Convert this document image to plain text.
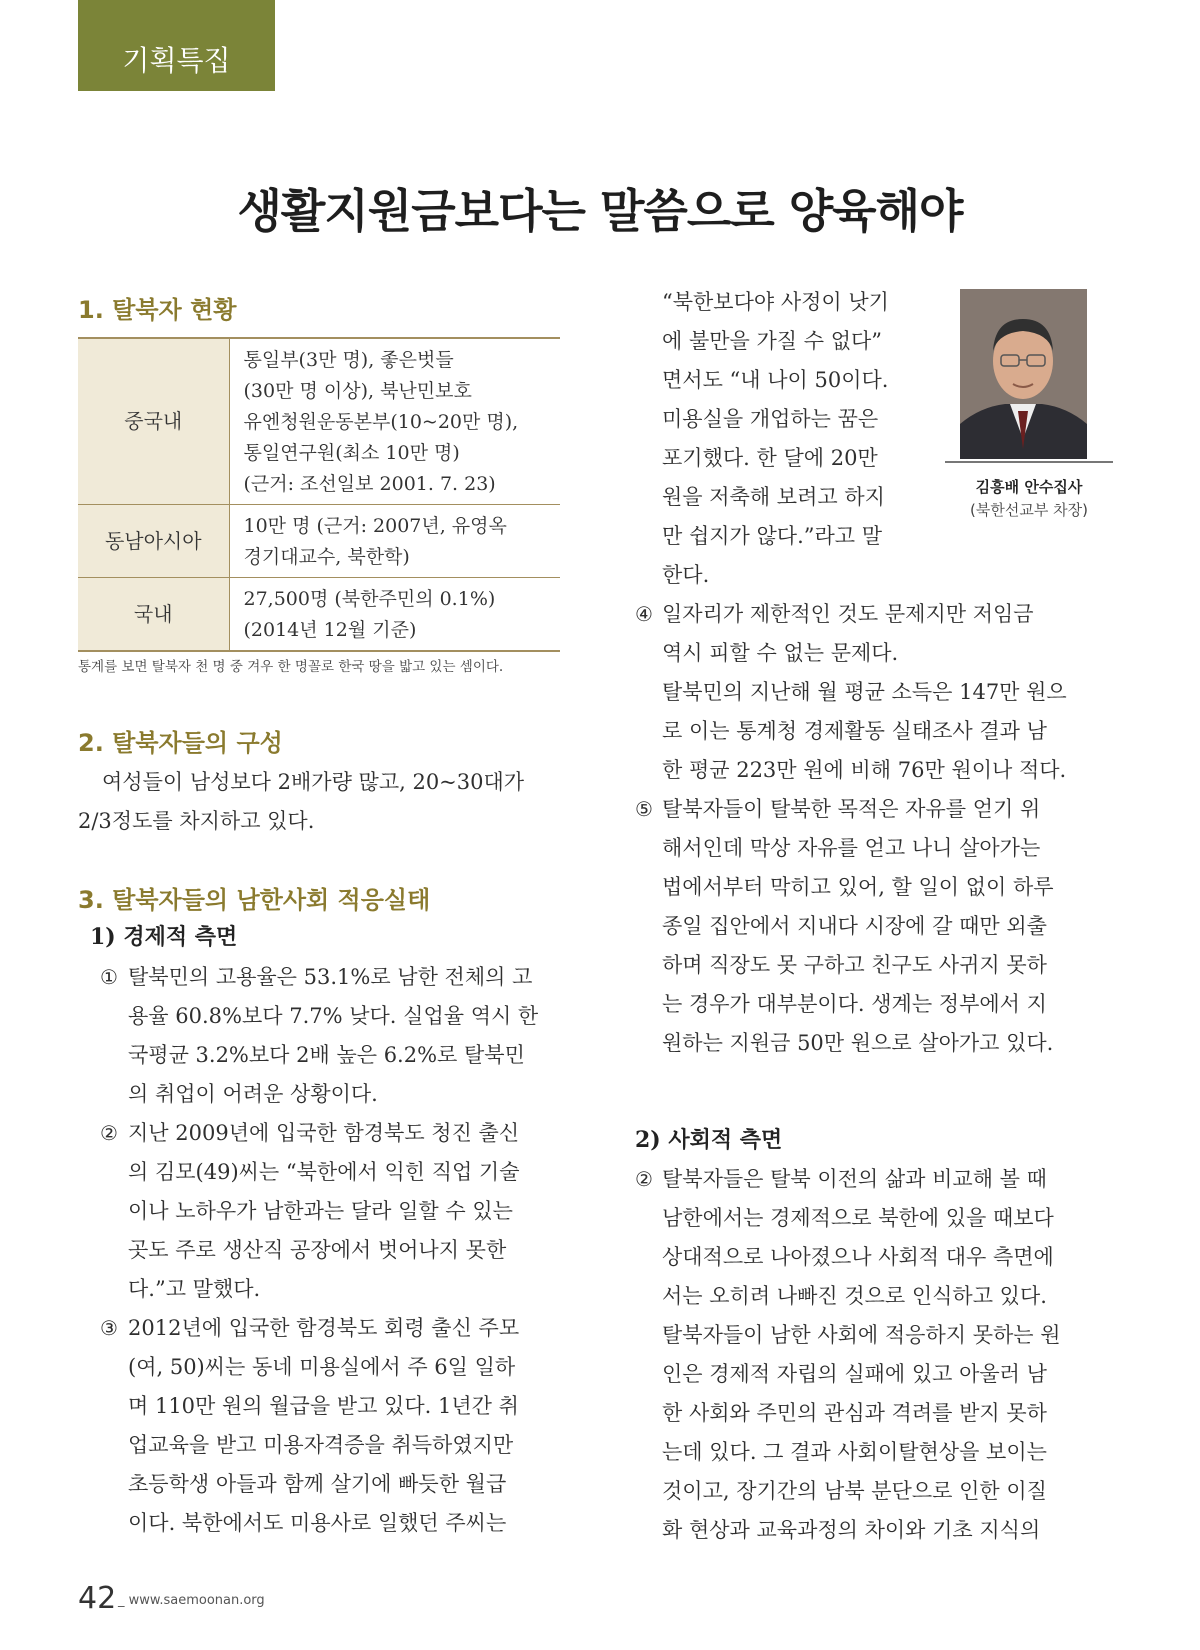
기획특집
생활지원금보다는 말씀으로 양육해야
1. 탈북자 현황
중국내	통일부(3만 명), 좋은벗들
(30만 명 이상), 북난민보호
유엔청원운동본부(10~20만 명),
통일연구원(최소 10만 명)
(근거: 조선일보 2001. 7. 23)

동남아시아	10만 명 (근거: 2007년, 유영옥
경기대교수, 북한학)

국내	27,500명 (북한주민의 0.1%)
(2014년 12월 기준)

통계를 보면 탈북자 천 명 중 겨우 한 명꼴로 한국 땅을 밟고 있는 셈이다.

2. 탈북자들의 구성
여성들이 남성보다 2배가량 많고, 20~30대가
2/3정도를 차지하고 있다.
3. 탈북자들의 남한사회 적응실태
1) 경제적 측면
① 탈북민의 고용율은 53.1%로 남한 전체의 고
용율 60.8%보다 7.7% 낮다. 실업율 역시 한
국평균 3.2%보다 2배 높은 6.2%로 탈북민
의 취업이 어려운 상황이다.
② 지난 2009년에 입국한 함경북도 청진 출신
의 김모(49)씨는 “북한에서 익힌 직업 기술
이나 노하우가 남한과는 달라 일할 수 있는
곳도 주로 생산직 공장에서 벗어나지 못한
다.”고 말했다.
③ 2012년에 입국한 함경북도 회령 출신 주모
(여, 50)씨는 동네 미용실에서 주 6일 일하
며 110만 원의 월급을 받고 있다. 1년간 취
업교육을 받고 미용자격증을 취득하였지만
초등학생 아들과 함께 살기에 빠듯한 월급
이다. 북한에서도 미용사로 일했던 주씨는
“북한보다야 사정이 낫기
에 불만을 가질 수 없다”
면서도 “내 나이 50이다.
미용실을 개업하는 꿈은
포기했다. 한 달에 20만
원을 저축해 보려고 하지
만 쉽지가 않다.”라고 말
한다.
김흥배 안수집사
(북한선교부 차장)
④ 일자리가 제한적인 것도 문제지만 저임금
역시 피할 수 없는 문제다.
탈북민의 지난해 월 평균 소득은 147만 원으
로 이는 통계청 경제활동 실태조사 결과 남
한 평균 223만 원에 비해 76만 원이나 적다.
⑤ 탈북자들이 탈북한 목적은 자유를 얻기 위
해서인데 막상 자유를 얻고 나니 살아가는
법에서부터 막히고 있어, 할 일이 없이 하루
종일 집안에서 지내다 시장에 갈 때만 외출
하며 직장도 못 구하고 친구도 사귀지 못하
는 경우가 대부분이다. 생계는 정부에서 지
원하는 지원금 50만 원으로 살아가고 있다.
2) 사회적 측면
② 탈북자들은 탈북 이전의 삶과 비교해 볼 때
남한에서는 경제적으로 북한에 있을 때보다
상대적으로 나아졌으나 사회적 대우 측면에
서는 오히려 나빠진 것으로 인식하고 있다.
탈북자들이 남한 사회에 적응하지 못하는 원
인은 경제적 자립의 실패에 있고 아울러 남
한 사회와 주민의 관심과 격려를 받지 못하
는데 있다. 그 결과 사회이탈현상을 보이는
것이고, 장기간의 남북 분단으로 인한 이질
화 현상과 교육과정의 차이와 기초 지식의
42 _ www.saemoonan.org
